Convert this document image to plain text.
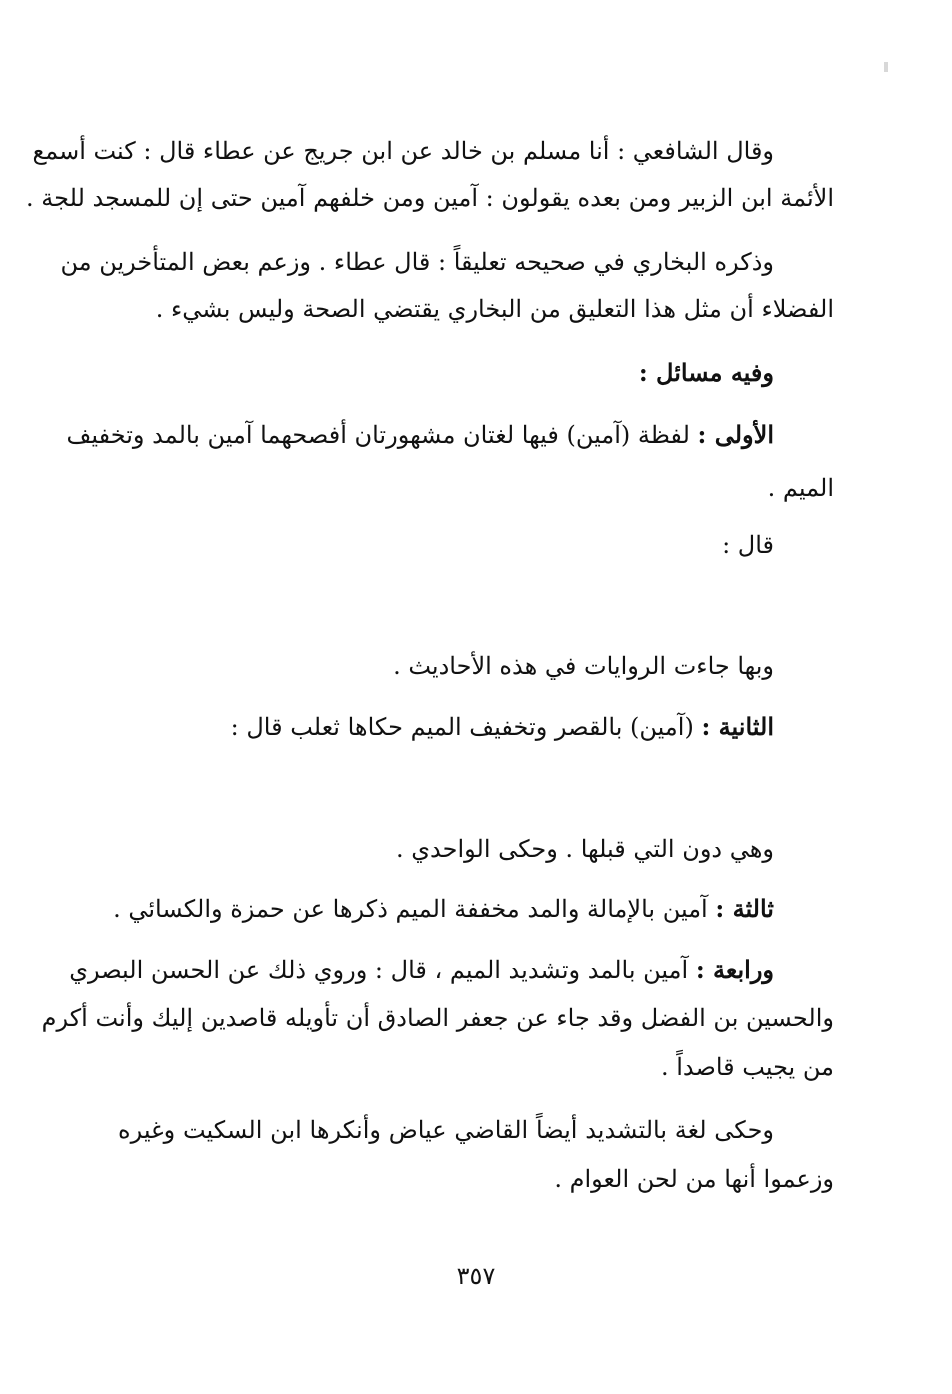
وقال الشافعي : أنا مسلم بن خالد عن ابن جريج عن عطاء قال : كنت أسمع
الأئمة ابن الزبير ومن بعده يقولون : آمين ومن خلفهم آمين حتى إن للمسجد للجة .
وذكره البخاري في صحيحه تعليقاً : قال عطاء . وزعم بعض المتأخرين من
الفضلاء أن مثل هذا التعليق من البخاري يقتضي الصحة وليس بشيء .
وفيه مسائل :
الأولى : لفظة (آمين) فيها لغتان مشهورتان أفصحهما آمين بالمد وتخفيف
الميم .
قال :
وبها جاءت الروايات في هذه الأحاديث .
الثانية : (آمين) بالقصر وتخفيف الميم حكاها ثعلب قال :
وهي دون التي قبلها . وحكى الواحدي .
ثالثة : آمين بالإمالة والمد مخففة الميم ذكرها عن حمزة والكسائي .
ورابعة : آمين بالمد وتشديد الميم ، قال : وروي ذلك عن الحسن البصري
والحسين بن الفضل وقد جاء عن جعفر الصادق أن تأويله قاصدين إليك وأنت أكرم
من يجيب قاصداً .
وحكى لغة بالتشديد أيضاً القاضي عياض وأنكرها ابن السكيت وغيره
وزعموا أنها من لحن العوام .
٣٥٧
